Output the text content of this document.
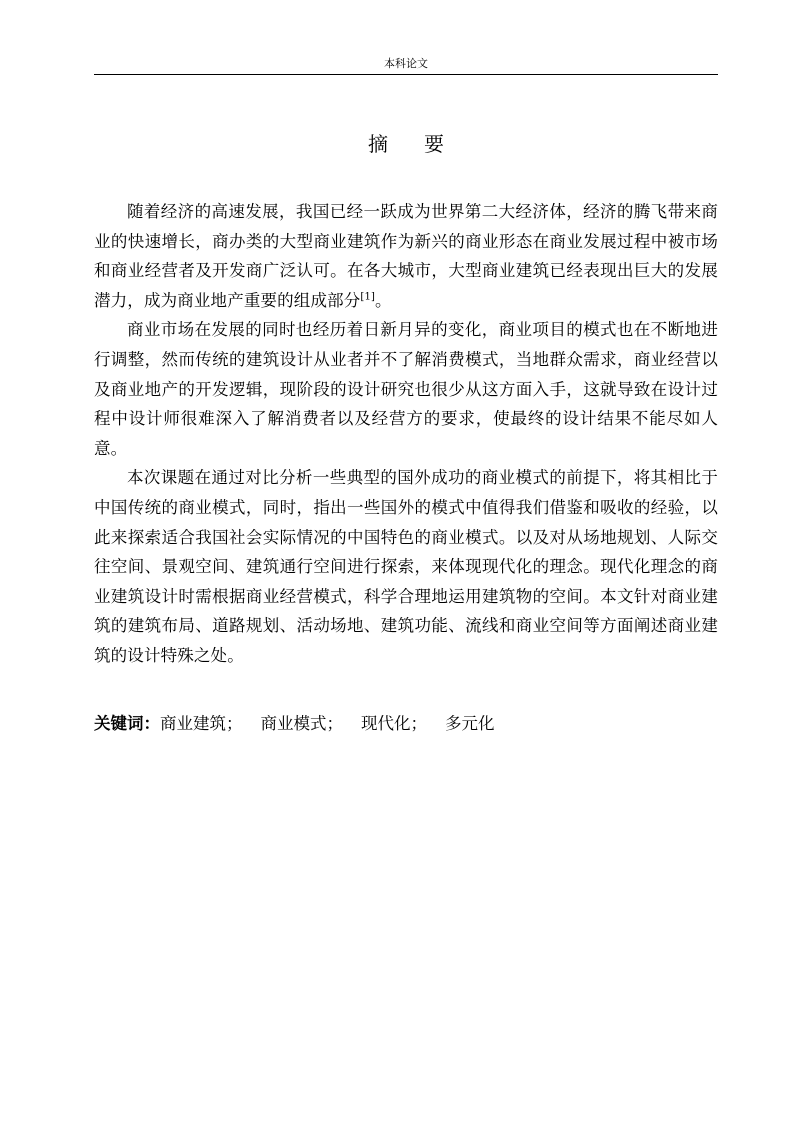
本科论文
摘 要

随着经济的高速发展，我国已经一跃成为世界第二大经济体，经济的腾飞带来商业的快速增长，商办类的大型商业建筑作为新兴的商业形态在商业发展过程中被市场和商业经营者及开发商广泛认可。在各大城市，大型商业建筑已经表现出巨大的发展潜力，成为商业地产重要的组成部分[1]。

商业市场在发展的同时也经历着日新月异的变化，商业项目的模式也在不断地进行调整，然而传统的建筑设计从业者并不了解消费模式，当地群众需求，商业经营以及商业地产的开发逻辑，现阶段的设计研究也很少从这方面入手，这就导致在设计过程中设计师很难深入了解消费者以及经营方的要求，使最终的设计结果不能尽如人意。

本次课题在通过对比分析一些典型的国外成功的商业模式的前提下，将其相比于中国传统的商业模式，同时，指出一些国外的模式中值得我们借鉴和吸收的经验，以此来探索适合我国社会实际情况的中国特色的商业模式。以及对从场地规划、人际交往空间、景观空间、建筑通行空间进行探索，来体现现代化的理念。现代化理念的商业建筑设计时需根据商业经营模式，科学合理地运用建筑物的空间。本文针对商业建筑的建筑布局、道路规划、活动场地、建筑功能、流线和商业空间等方面阐述商业建筑的设计特殊之处。

关键词：商业建筑； 商业模式； 现代化； 多元化
